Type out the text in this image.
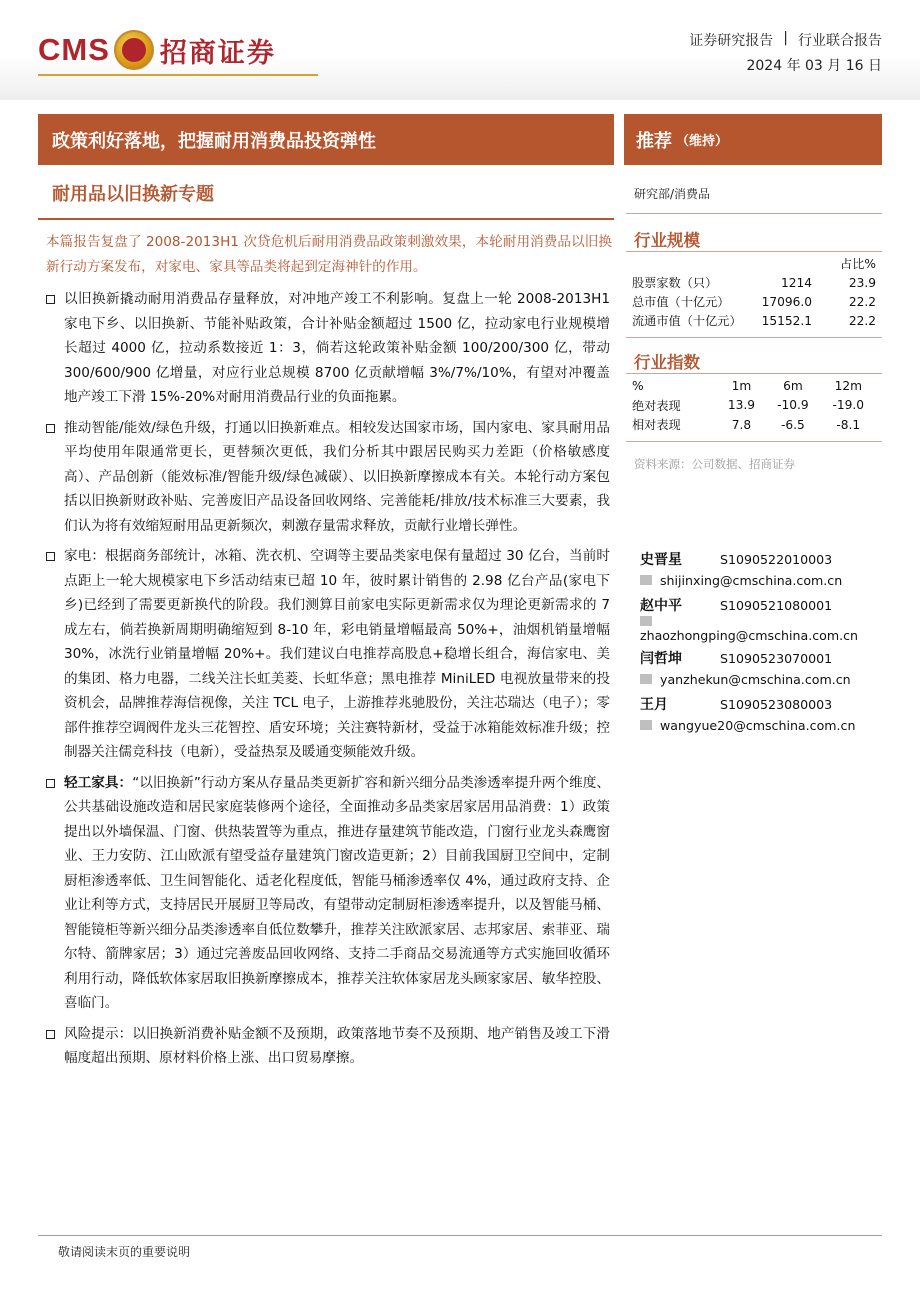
CMS 招商证券	证券研究报告 | 行业联合报告
2024 年 03 月 16 日
政策利好落地，把握耐用消费品投资弹性	推荐 （维持）
耐用品以旧换新专题
本篇报告复盘了 2008-2013H1 次贷危机后耐用消费品政策刺激效果，本轮耐用消费品以旧换新行动方案发布，对家电、家具等品类将起到定海神针的作用。
以旧换新撬动耐用消费品存量释放，对冲地产竣工不利影响。复盘上一轮 2008-2013H1 家电下乡、以旧换新、节能补贴政策，合计补贴金额超过 1500 亿，拉动家电行业规模增长超过 4000 亿，拉动系数接近 1：3，倘若这轮政策补贴金额 100/200/300 亿，带动 300/600/900 亿增量，对应行业总规模 8700 亿贡献增幅 3%/7%/10%，有望对冲覆盖地产竣工下滑 15%-20%对耐用消费品行业的负面拖累。
推动智能/能效/绿色升级，打通以旧换新难点。相较发达国家市场，国内家电、家具耐用品平均使用年限通常更长，更替频次更低，我们分析其中跟居民购买力差距（价格敏感度高）、产品创新（能效标准/智能升级/绿色减碳）、以旧换新摩擦成本有关。本轮行动方案包括以旧换新财政补贴、完善废旧产品设备回收网络、完善能耗/排放/技术标准三大要素，我们认为将有效缩短耐用品更新频次，刺激存量需求释放，贡献行业增长弹性。
家电：根据商务部统计，冰箱、洗衣机、空调等主要品类家电保有量超过 30 亿台，当前时点距上一轮大规模家电下乡活动结束已超 10 年，彼时累计销售的 2.98 亿台产品(家电下乡)已经到了需要更新换代的阶段。我们测算目前家电实际更新需求仅为理论更新需求的 7 成左右，倘若换新周期明确缩短到 8-10 年，彩电销量增幅最高 50%+，油烟机销量增幅 30%，冰洗行业销量增幅 20%+。我们建议白电推荐高股息+稳增长组合，海信家电、美的集团、格力电器，二线关注长虹美菱、长虹华意；黑电推荐 MiniLED 电视放量带来的投资机会，品牌推荐海信视像，关注 TCL 电子，上游推荐兆驰股份，关注芯瑞达（电子）；零部件推荐空调阀件龙头三花智控、盾安环境；关注赛特新材，受益于冰箱能效标准升级；控制器关注儒竞科技（电新），受益热泵及暖通变频能效升级。
轻工家具：“以旧换新”行动方案从存量品类更新扩容和新兴细分品类渗透率提升两个维度、公共基础设施改造和居民家庭装修两个途径，全面推动多品类家居家居用品消费：1）政策提出以外墙保温、门窗、供热装置等为重点，推进存量建筑节能改造，门窗行业龙头森鹰窗业、王力安防、江山欧派有望受益存量建筑门窗改造更新；2）目前我国厨卫空间中，定制厨柜渗透率低、卫生间智能化、适老化程度低，智能马桶渗透率仅 4%，通过政府支持、企业让利等方式，支持居民开展厨卫等局改，有望带动定制厨柜渗透率提升，以及智能马桶、智能镜柜等新兴细分品类渗透率自低位数攀升，推荐关注欧派家居、志邦家居、索菲亚、瑞尔特、箭牌家居；3）通过完善废品回收网络、支持二手商品交易流通等方式实施回收循环利用行动，降低软体家居取旧换新摩擦成本，推荐关注软体家居龙头顾家家居、敏华控股、喜临门。
风险提示：以旧换新消费补贴金额不及预期，政策落地节奏不及预期、地产销售及竣工下滑幅度超出预期、原材料价格上涨、出口贸易摩擦。
研究部/消费品
行业规模
		占比%
股票家数（只）	1214	23.9
总市值（十亿元）	17096.0	22.2
流通市值（十亿元）	15152.1	22.2
行业指数
%	1m	6m	12m
绝对表现	13.9	-10.9	-19.0
相对表现	7.8	-6.5	-8.1
资料来源：公司数据、招商证券
史晋星	S1090522010003
shijinxing@cmschina.com.cn
赵中平	S1090521080001
zhaozhongping@cmschina.com.cn
闫哲坤	S1090523070001
yanzhekun@cmschina.com.cn
王月	S1090523080003
wangyue20@cmschina.com.cn
敬请阅读末页的重要说明
